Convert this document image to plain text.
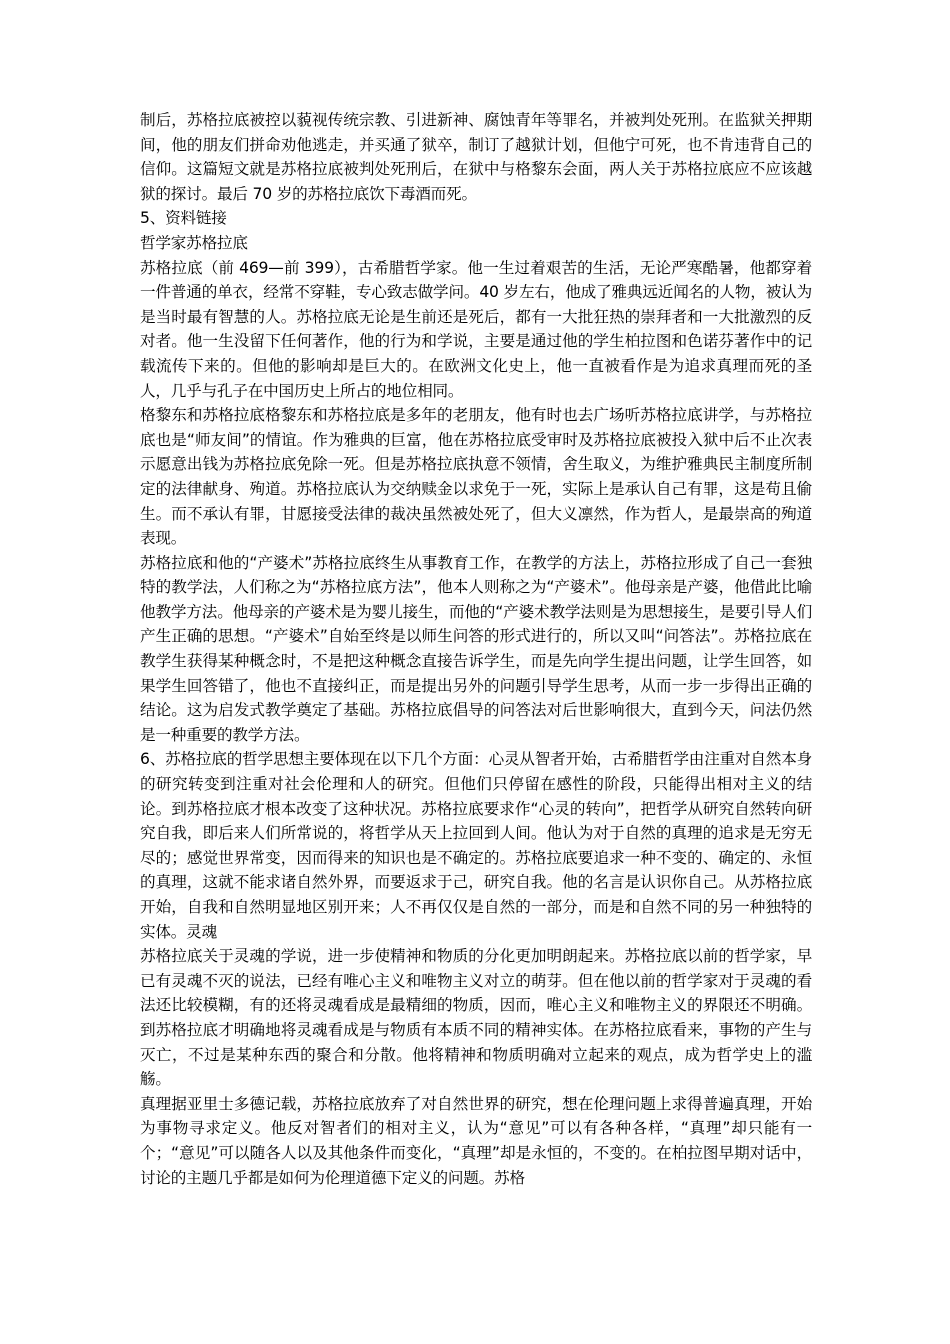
制后，苏格拉底被控以藐视传统宗教、引进新神、腐蚀青年等罪名，并被判处死刑。在监狱关押期间，他的朋友们拼命劝他逃走，并买通了狱卒，制订了越狱计划，但他宁可死，也不肯违背自己的信仰。这篇短文就是苏格拉底被判处死刑后，在狱中与格黎东会面，两人关于苏格拉底应不应该越狱的探讨。最后 70 岁的苏格拉底饮下毒酒而死。

5、资料链接

哲学家苏格拉底

苏格拉底（前 469—前 399），古希腊哲学家。他一生过着艰苦的生活，无论严寒酷暑，他都穿着一件普通的单衣，经常不穿鞋，专心致志做学问。40 岁左右，他成了雅典远近闻名的人物，被认为是当时最有智慧的人。苏格拉底无论是生前还是死后，都有一大批狂热的崇拜者和一大批激烈的反对者。他一生没留下任何著作，他的行为和学说，主要是通过他的学生柏拉图和色诺芬著作中的记载流传下来的。但他的影响却是巨大的。在欧洲文化史上，他一直被看作是为追求真理而死的圣人，几乎与孔子在中国历史上所占的地位相同。

格黎东和苏格拉底格黎东和苏格拉底是多年的老朋友，他有时也去广场听苏格拉底讲学，与苏格拉底也是“师友间”的情谊。作为雅典的巨富，他在苏格拉底受审时及苏格拉底被投入狱中后不止次表示愿意出钱为苏格拉底免除一死。但是苏格拉底执意不领情，舍生取义，为维护雅典民主制度所制定的法律献身、殉道。苏格拉底认为交纳赎金以求免于一死，实际上是承认自己有罪，这是苟且偷生。而不承认有罪，甘愿接受法律的裁决虽然被处死了，但大义凛然，作为哲人，是最崇高的殉道表现。

苏格拉底和他的“产婆术”苏格拉底终生从事教育工作，在教学的方法上，苏格拉形成了自己一套独特的教学法，人们称之为“苏格拉底方法”，他本人则称之为“产婆术”。他母亲是产婆，他借此比喻他教学方法。他母亲的产婆术是为婴儿接生，而他的“产婆术教学法则是为思想接生，是要引导人们产生正确的思想。“产婆术”自始至终是以师生问答的形式进行的，所以又叫“问答法”。苏格拉底在教学生获得某种概念时，不是把这种概念直接告诉学生，而是先向学生提出问题，让学生回答，如果学生回答错了，他也不直接纠正，而是提出另外的问题引导学生思考，从而一步一步得出正确的结论。这为启发式教学奠定了基础。苏格拉底倡导的问答法对后世影响很大，直到今天，问法仍然是一种重要的教学方法。

6、苏格拉底的哲学思想主要体现在以下几个方面：心灵从智者开始，古希腊哲学由注重对自然本身的研究转变到注重对社会伦理和人的研究。但他们只停留在感性的阶段，只能得出相对主义的结论。到苏格拉底才根本改变了这种状况。苏格拉底要求作“心灵的转向”，把哲学从研究自然转向研究自我，即后来人们所常说的，将哲学从天上拉回到人间。他认为对于自然的真理的追求是无穷无尽的；感觉世界常变，因而得来的知识也是不确定的。苏格拉底要追求一种不变的、确定的、永恒的真理，这就不能求诸自然外界，而要返求于己，研究自我。他的名言是认识你自己。从苏格拉底开始，自我和自然明显地区别开来；人不再仅仅是自然的一部分，而是和自然不同的另一种独特的实体。灵魂

苏格拉底关于灵魂的学说，进一步使精神和物质的分化更加明朗起来。苏格拉底以前的哲学家，早已有灵魂不灭的说法，已经有唯心主义和唯物主义对立的萌芽。但在他以前的哲学家对于灵魂的看法还比较模糊，有的还将灵魂看成是最精细的物质，因而，唯心主义和唯物主义的界限还不明确。到苏格拉底才明确地将灵魂看成是与物质有本质不同的精神实体。在苏格拉底看来，事物的产生与灭亡，不过是某种东西的聚合和分散。他将精神和物质明确对立起来的观点，成为哲学史上的滥觞。

真理据亚里士多德记载，苏格拉底放弃了对自然世界的研究，想在伦理问题上求得普遍真理，开始为事物寻求定义。他反对智者们的相对主义，认为“意见”可以有各种各样，“真理”却只能有一个；“意见”可以随各人以及其他条件而变化，“真理”却是永恒的，不变的。在柏拉图早期对话中，讨论的主题几乎都是如何为伦理道德下定义的问题。苏格
